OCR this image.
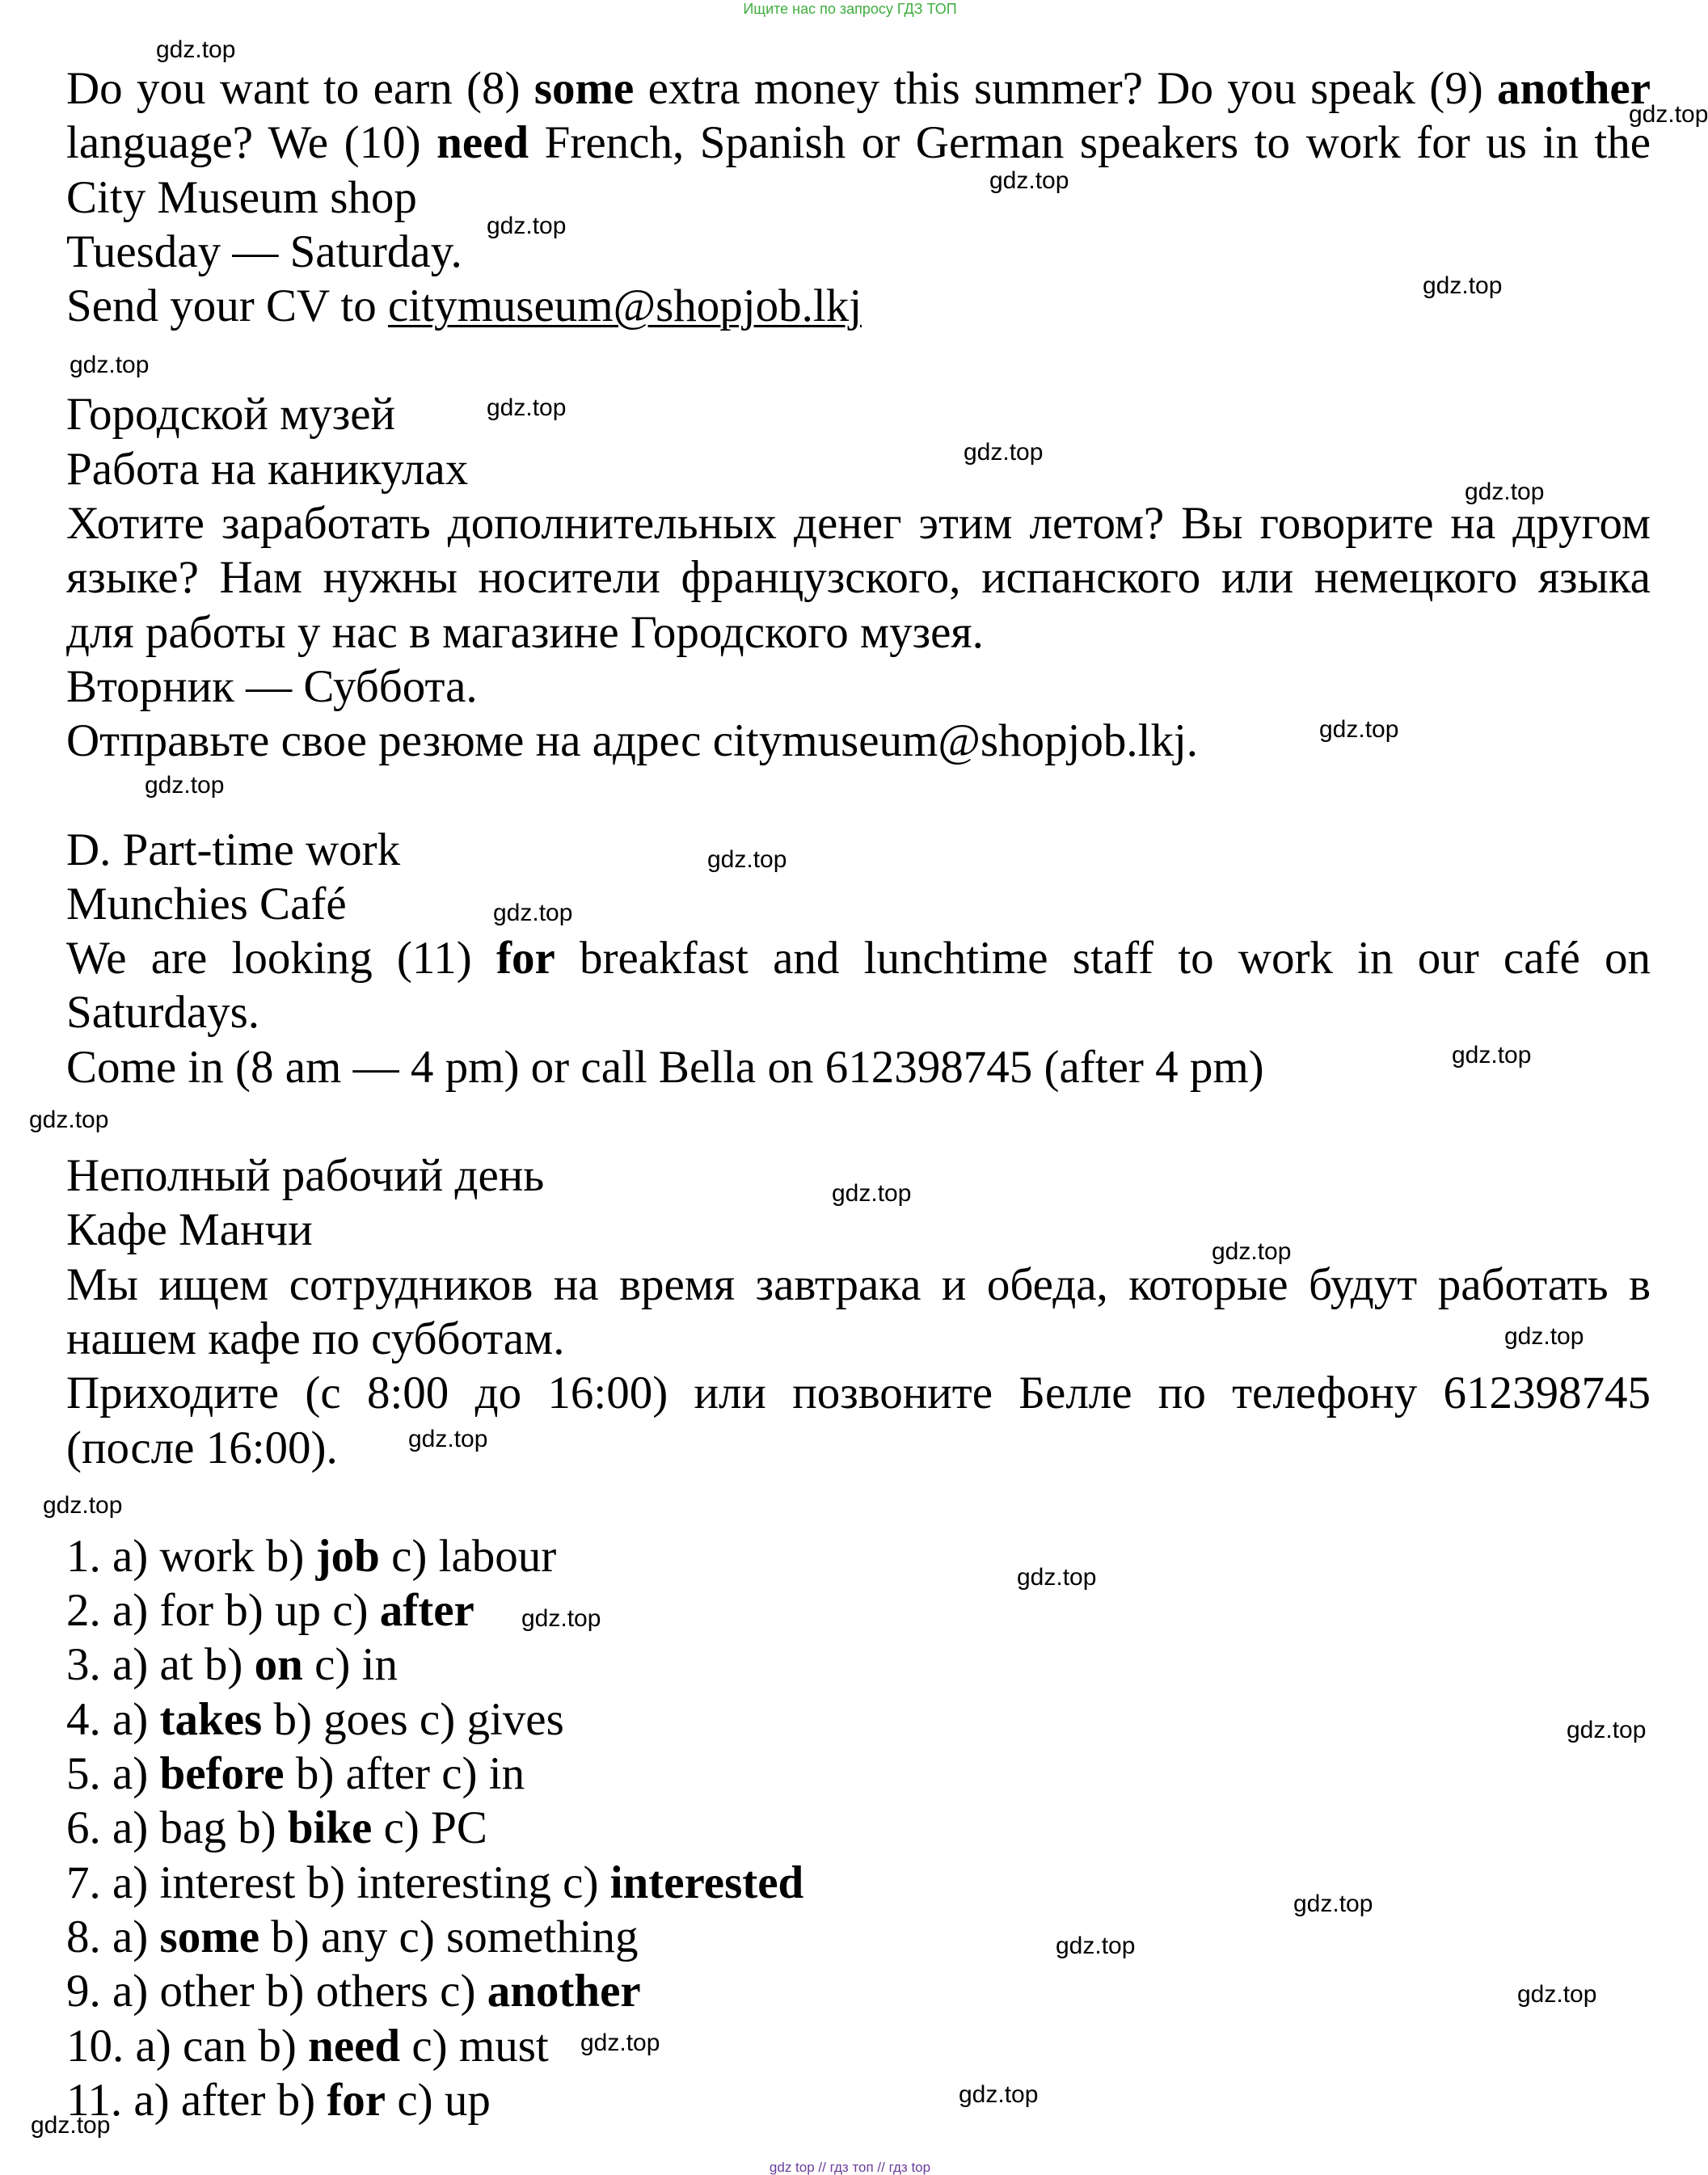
Ищите нас по запросу ГДЗ ТОП
Do you want to earn (8) some extra money this summer? Do you speak (9) another
language? We (10) need French, Spanish or German speakers to work for us in the
City Museum shop
Tuesday — Saturday.
Send your CV to citymuseum@shopjob.lkj
Городской музей
Работа на каникулах
Хотите заработать дополнительных денег этим летом? Вы говорите на другом
языке? Нам нужны носители французского, испанского или немецкого языка
для работы у нас в магазине Городского музея.
Вторник — Суббота.
Отправьте свое резюме на адрес citymuseum@shopjob.lkj.
D. Part-time work
Munchies Café
We are looking (11) for breakfast and lunchtime staff to work in our café on
Saturdays.
Come in (8 am — 4 pm) or call Bella on 612398745 (after 4 pm)
Неполный рабочий день
Кафе Манчи
Мы ищем сотрудников на время завтрака и обеда, которые будут работать в
нашем кафе по субботам.
Приходите (с 8:00 до 16:00) или позвоните Белле по телефону 612398745
(после 16:00).
1. a) work b) job c) labour
2. a) for b) up c) after
3. a) at b) on c) in
4. a) takes b) goes c) gives
5. a) before b) after c) in
6. a) bag b) bike c) PC
7. a) interest b) interesting c) interested
8. a) some b) any c) something
9. a) other b) others c) another
10. a) can b) need c) must
11. a) after b) for c) up
gdz.top
gdz.top
gdz.top
gdz.top
gdz.top
gdz.top
gdz.top
gdz.top
gdz.top
gdz.top
gdz.top
gdz.top
gdz.top
gdz.top
gdz.top
gdz.top
gdz.top
gdz.top
gdz.top
gdz.top
gdz.top
gdz.top
gdz.top
gdz.top
gdz.top
gdz.top
gdz.top
gdz.top
gdz.top
gdz top // гдз топ // гдз top
